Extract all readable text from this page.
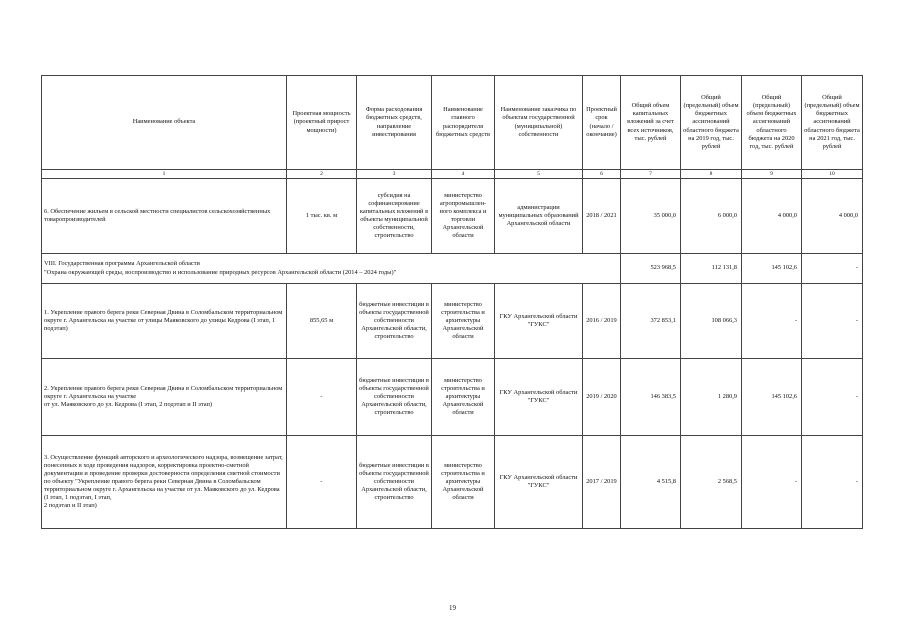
Наименование объекта	Проектная мощность (проектный прирост мощности)	Форма расходования бюджетных средств, направление инвестирования	Наименование главного распорядителя бюджетных средств	Наименование заказчика по объектам государственной (муниципальной) собственности	Проектный срок (начало / окончание)	Общий объем капитальных вложений за счет всех источников, тыс. рублей	Общий (предельный) объем бюджетных ассигнований областного бюджета на 2019 год, тыс. рублей	Общий (предельный) объем бюджетных ассигнований областного бюджета на 2020 год, тыс. рублей	Общий (предельный) объем бюджетных ассигнований областного бюджета на 2021 год, тыс. рублей
1	2	3	4	5	6	7	8	9	10
6. Обеспечение жильем в сельской местности специалистов сельскохозяйственных товаропроизводителей	1 тыс. кв. м	субсидия на софинансирование капитальных вложений в объекты муниципальной собственности, строительство	министерство агропромышлен-ного комплекса и торговли Архангельской области	администрации муниципальных образований Архангельской области	2018 / 2021	35 000,0	6 000,0	4 000,0	4 000,0
VIII. Государственная программа Архангельской области
"Охрана окружающей среды, воспроизводство и использование природных ресурсов Архангельской области (2014 – 2024 годы)"						523 968,5	112 131,8	145 102,6	-
1. Укрепление правого берега реки Северная Двина в Соломбальском территориальном округе г. Архангельска на участке от улицы Маяковского до улицы Кедрова (I этап, 1 подэтап)	855,65 м	бюджетные инвестиции в объекты государственной собственности Архангельской области, строительство	министерство строительства и архитектуры Архангельской области	ГКУ Архангельской области "ГУКС"	2016 / 2019	372 853,1	108 066,3	-	-
2. Укрепление правого берега реки Северная Двина в Соломбальском территориальном округе г. Архангельска на участке
от ул. Маяковского до ул. Кедрова (I этап, 2 подэтап и II этап)	-	бюджетные инвестиции в объекты государственной собственности Архангельской области, строительство	министерство строительства и архитектуры Архангельской области	ГКУ Архангельской области "ГУКС"	2019 / 2020	146 383,5	1 280,9	145 102,6	-
3. Осуществление функций авторского и археологического надзора, возмещение затрат, понесенных в ходе проведения надзоров, корректировка проектно-сметной документации и проведение проверки достоверности определения сметной стоимости по объекту "Укрепление правого берега реки Северная Двина в Соломбальском территориальном округе г. Архангельска на участке от ул. Маяковского до ул. Кедрова (I этап, 1 подэтап, I этап,
2 подэтап и II этап)	-	бюджетные инвестиции в объекты государственной собственности Архангельской области, строительство	министерство строительства и архитектуры Архангельской области	ГКУ Архангельской области "ГУКС"	2017 / 2019	4 515,8	2 568,5	-	-
19
